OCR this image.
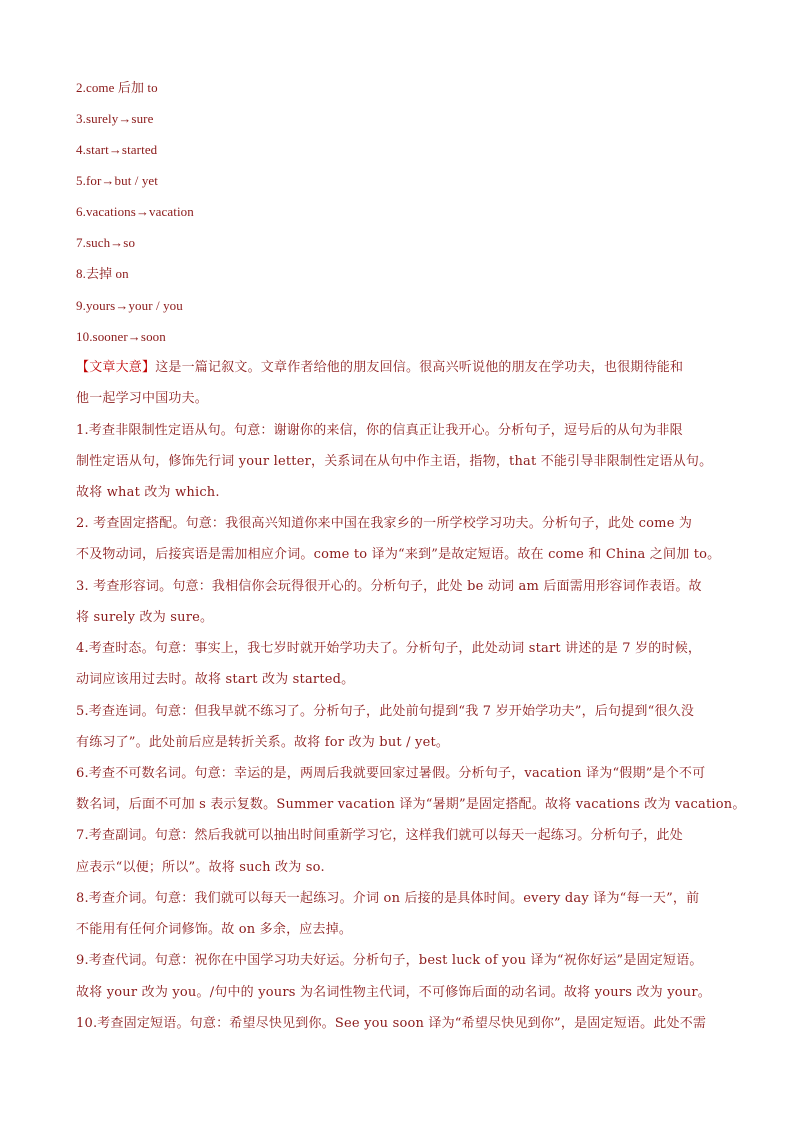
2.come 后加 to
3.surely→sure
4.start→started
5.for→but / yet
6.vacations→vacation
7.such→so
8.去掉 on
9.yours→your / you
10.sooner→soon
【文章大意】这是一篇记叙文。文章作者给他的朋友回信。很高兴听说他的朋友在学功夫，也很期待能和
他一起学习中国功夫。
1.考查非限制性定语从句。句意：谢谢你的来信，你的信真正让我开心。分析句子，逗号后的从句为非限
制性定语从句，修饰先行词 your letter，关系词在从句中作主语，指物，that 不能引导非限制性定语从句。
故将 what 改为 which.
2. 考查固定搭配。句意：我很高兴知道你来中国在我家乡的一所学校学习功夫。分析句子，此处 come 为
不及物动词，后接宾语是需加相应介词。come to 译为“来到”是故定短语。故在 come 和 China 之间加 to。
3. 考查形容词。句意：我相信你会玩得很开心的。分析句子，此处 be 动词 am 后面需用形容词作表语。故
将 surely 改为 sure。
4.考查时态。句意：事实上，我七岁时就开始学功夫了。分析句子，此处动词 start 讲述的是 7 岁的时候，
动词应该用过去时。故将 start 改为 started。
5.考查连词。句意：但我早就不练习了。分析句子，此处前句提到“我 7 岁开始学功夫”，后句提到“很久没
有练习了”。此处前后应是转折关系。故将 for 改为 but / yet。
6.考查不可数名词。句意：幸运的是，两周后我就要回家过暑假。分析句子，vacation 译为“假期”是个不可
数名词，后面不可加 s 表示复数。Summer vacation 译为“暑期”是固定搭配。故将 vacations 改为 vacation。
7.考查副词。句意：然后我就可以抽出时间重新学习它，这样我们就可以每天一起练习。分析句子，此处
应表示“以便；所以”。故将 such 改为 so.
8.考查介词。句意：我们就可以每天一起练习。介词 on 后接的是具体时间。every day 译为“每一天”，前
不能用有任何介词修饰。故 on 多余，应去掉。
9.考查代词。句意：祝你在中国学习功夫好运。分析句子，best luck of you 译为“祝你好运”是固定短语。
故将 your 改为 you。/句中的 yours 为名词性物主代词，不可修饰后面的动名词。故将 yours 改为 your。
10.考查固定短语。句意：希望尽快见到你。See you soon 译为“希望尽快见到你”，是固定短语。此处不需
